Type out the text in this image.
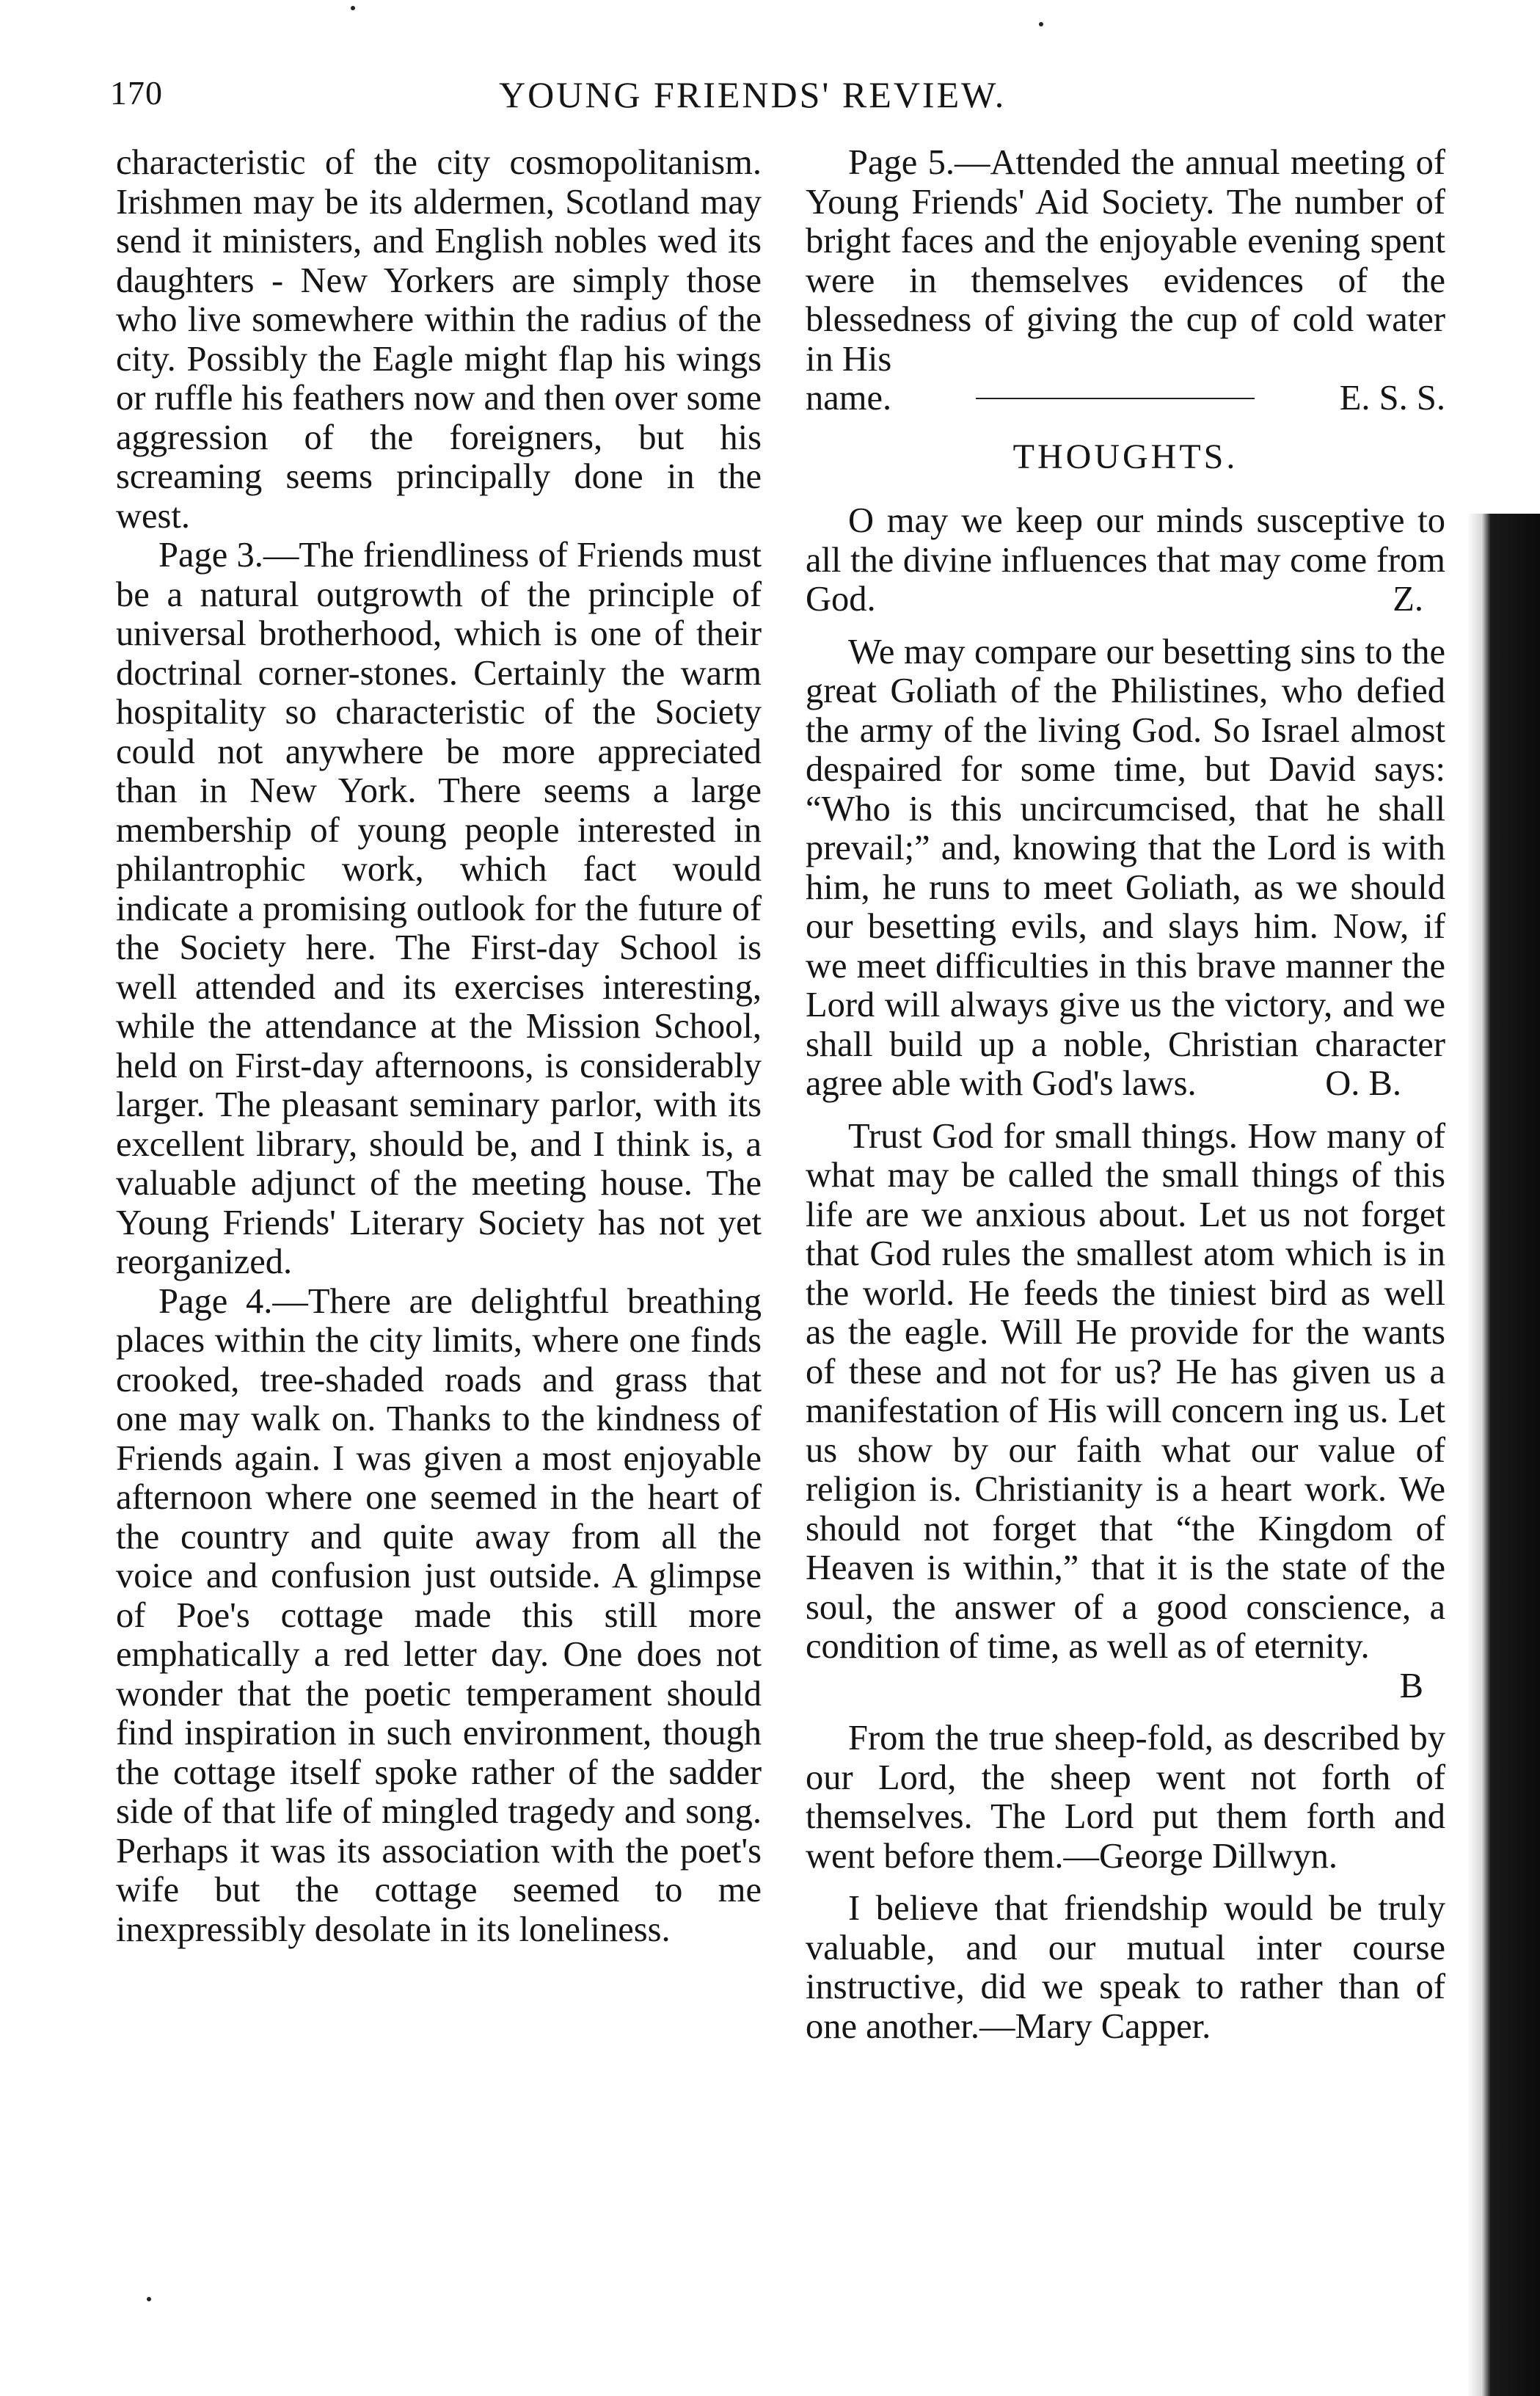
170	YOUNG FRIENDS' REVIEW.

characteristic of the city cosmopolitanism. Irishmen may be its aldermen, Scotland may send it ministers, and English nobles wed its daughters - New Yorkers are simply those who live somewhere within the radius of the city. Possibly the Eagle might flap his wings or ruffle his feathers now and then over some aggression of the foreigners, but his screaming seems principally done in the west.

Page 3.—The friendliness of Friends must be a natural outgrowth of the principle of universal brotherhood, which is one of their doctrinal corner-stones. Certainly the warm hospitality so characteristic of the Society could not anywhere be more appreciated than in New York. There seems a large membership of young people interested in philantrophic work, which fact would indicate a promising outlook for the future of the Society here. The First-day School is well attended and its exercises interesting, while the attendance at the Mission School, held on First-day afternoons, is considerably larger. The pleasant seminary parlor, with its excellent library, should be, and I think is, a valuable adjunct of the meeting house. The Young Friends' Literary Society has not yet reorganized.

Page 4.—There are delightful breathing places within the city limits, where one finds crooked, tree-shaded roads and grass that one may walk on. Thanks to the kindness of Friends again. I was given a most enjoyable afternoon where one seemed in the heart of the country and quite away from all the voice and confusion just outside. A glimpse of Poe's cottage made this still more emphatically a red letter day. One does not wonder that the poetic temperament should find inspiration in such environment, though the cottage itself spoke rather of the sadder side of that life of mingled tragedy and song. Perhaps it was its association with the poet's wife but the cottage seemed to me inexpressibly desolate in its loneliness.

Page 5.—Attended the annual meeting of Young Friends' Aid Society. The number of bright faces and the enjoyable evening spent were in themselves evidences of the blessedness of giving the cup of cold water in His

name.	E. S. S.
THOUGHTS.

O may we keep our minds susceptive to all the divine influences that may come from God.	Z.

We may compare our besetting sins to the great Goliath of the Philistines, who defied the army of the living God. So Israel almost despaired for some time, but David says: “Who is this uncircumcised, that he shall prevail;” and, knowing that the Lord is with him, he runs to meet Goliath, as we should our besetting evils, and slays him. Now, if we meet difficulties in this brave manner the Lord will always give us the victory, and we shall build up a noble, Christian character agree able with God's laws.	O. B.

Trust God for small things. How many of what may be called the small things of this life are we anxious about. Let us not forget that God rules the smallest atom which is in the world. He feeds the tiniest bird as well as the eagle. Will He provide for the wants of these and not for us? He has given us a manifestation of His will concern ing us. Let us show by our faith what our value of religion is. Christianity is a heart work. We should not forget that “the Kingdom of Heaven is within,” that it is the state of the soul, the answer of a good conscience, a condition of time, as well as of eternity.

B

From the true sheep-fold, as described by our Lord, the sheep went not forth of themselves. The Lord put them forth and went before them.—George Dillwyn.

I believe that friendship would be truly valuable, and our mutual inter course instructive, did we speak to rather than of one another.—Mary Capper.
